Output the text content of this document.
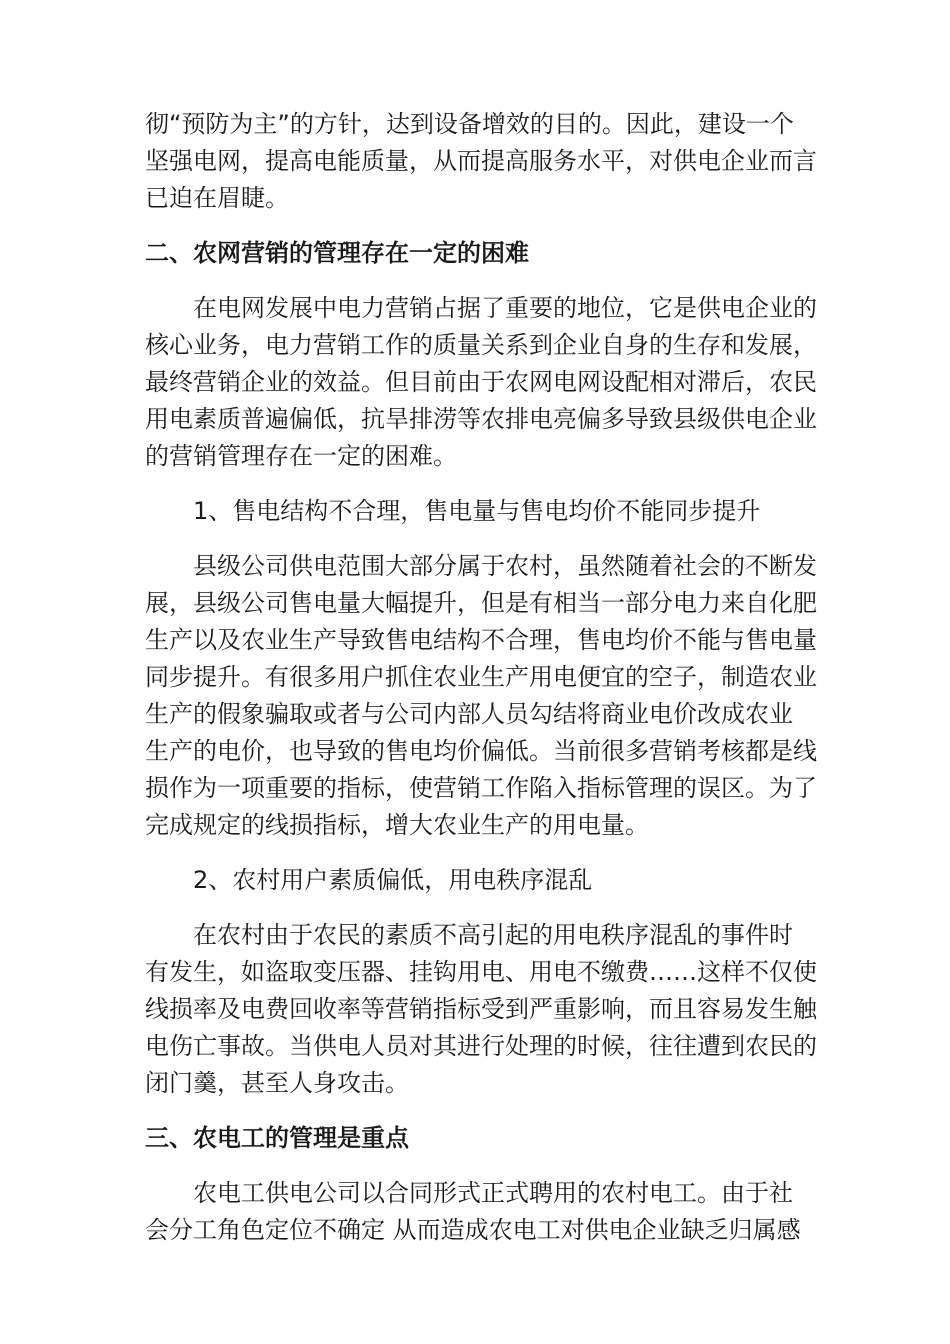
彻“预防为主”的方针，达到设备增效的目的。因此，建设一个
坚强电网，提高电能质量，从而提高服务水平，对供电企业而言
已迫在眉睫。
二、农网营销的管理存在一定的困难
在电网发展中电力营销占据了重要的地位，它是供电企业的
核心业务，电力营销工作的质量关系到企业自身的生存和发展，
最终营销企业的效益。但目前由于农网电网设配相对滞后，农民
用电素质普遍偏低，抗旱排涝等农排电亮偏多导致县级供电企业
的营销管理存在一定的困难。
1、售电结构不合理，售电量与售电均价不能同步提升
县级公司供电范围大部分属于农村，虽然随着社会的不断发
展，县级公司售电量大幅提升，但是有相当一部分电力来自化肥
生产以及农业生产导致售电结构不合理，售电均价不能与售电量
同步提升。有很多用户抓住农业生产用电便宜的空子，制造农业
生产的假象骗取或者与公司内部人员勾结将商业电价改成农业
生产的电价，也导致的售电均价偏低。当前很多营销考核都是线
损作为一项重要的指标，使营销工作陷入指标管理的误区。为了
完成规定的线损指标，增大农业生产的用电量。
2、农村用户素质偏低，用电秩序混乱
在农村由于农民的素质不高引起的用电秩序混乱的事件时
有发生，如盗取变压器、挂钩用电、用电不缴费……这样不仅使
线损率及电费回收率等营销指标受到严重影响，而且容易发生触
电伤亡事故。当供电人员对其进行处理的时候，往往遭到农民的
闭门羹，甚至人身攻击。
三、农电工的管理是重点
农电工供电公司以合同形式正式聘用的农村电工。由于社
会分工角色定位不确定 从而造成农电工对供电企业缺乏归属感
